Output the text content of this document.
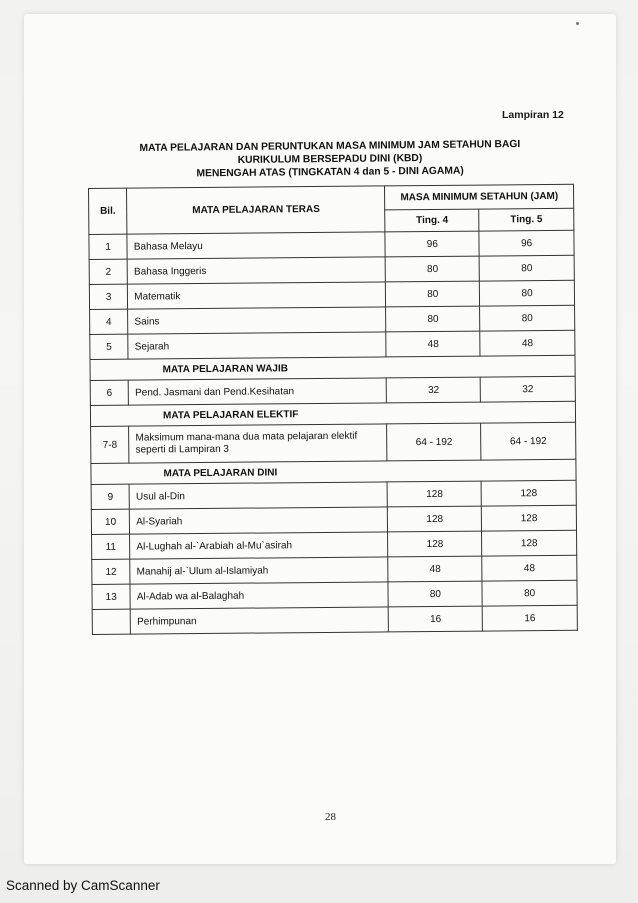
Lampiran 12
MATA PELAJARAN DAN PERUNTUKAN MASA MINIMUM JAM SETAHUN BAGI
KURIKULUM BERSEPADU DINI (KBD)
MENENGAH ATAS (TINGKATAN 4 dan 5 - DINI AGAMA)
Bil.	MATA PELAJARAN TERAS	MASA MINIMUM SETAHUN (JAM)	
		Ting. 4	Ting. 5
1	Bahasa Melayu	96	96
2	Bahasa Inggeris	80	80
3	Matematik	80	80
4	Sains	80	80
5	Sejarah	48	48
MATA PELAJARAN WAJIB			
6	Pend. Jasmani dan Pend.Kesihatan	32	32
MATA PELAJARAN ELEKTIF			
7-8	Maksimum mana-mana dua mata pelajaran elektif seperti di Lampiran 3	64 - 192	64 - 192
MATA PELAJARAN DINI			
9	Usul al-Din	128	128
10	Al-Syariah	128	128
11	Al-Lughah al-`Arabiah al-Mu`asirah	128	128
12	Manahij al-`Ulum al-Islamiyah	48	48
13	Al-Adab wa al-Balaghah	80	80
	Perhimpunan	16	16
28
Scanned by CamScanner
